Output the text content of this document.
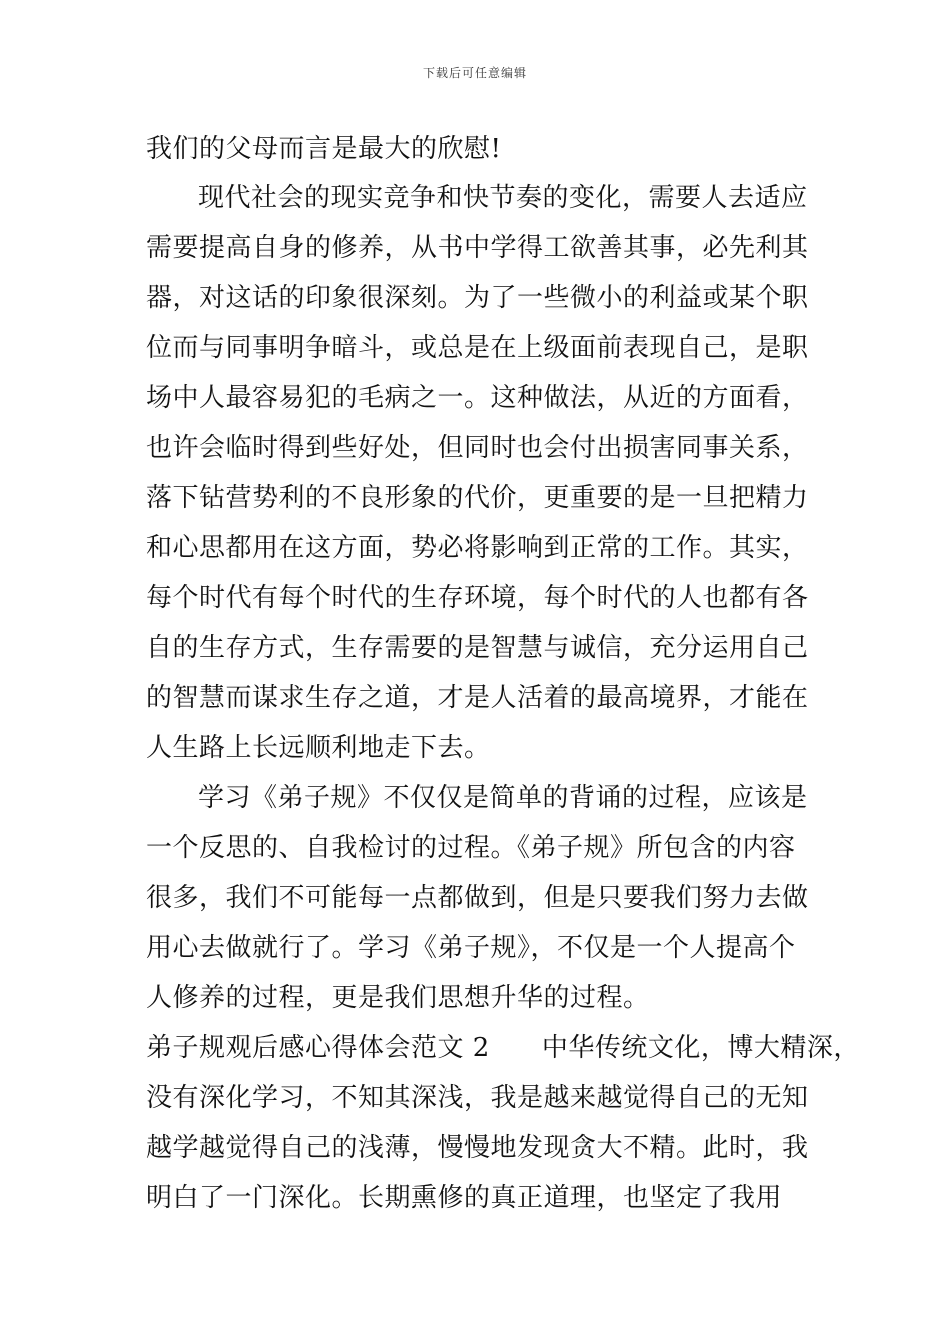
下载后可任意编辑
我们的父母而言是最大的欣慰!
现代社会的现实竞争和快节奏的变化，需要人去适应
需要提高自身的修养，从书中学得工欲善其事，必先利其
器，对这话的印象很深刻。为了一些微小的利益或某个职
位而与同事明争暗斗，或总是在上级面前表现自己，是职
场中人最容易犯的毛病之一。这种做法，从近的方面看，
也许会临时得到些好处，但同时也会付出损害同事关系，
落下钻营势利的不良形象的代价，更重要的是一旦把精力
和心思都用在这方面，势必将影响到正常的工作。其实，
每个时代有每个时代的生存环境，每个时代的人也都有各
自的生存方式，生存需要的是智慧与诚信，充分运用自己
的智慧而谋求生存之道，才是人活着的最高境界，才能在
人生路上长远顺利地走下去。
学习《弟子规》不仅仅是简单的背诵的过程，应该是
一个反思的、自我检讨的过程。《弟子规》所包含的内容
很多，我们不可能每一点都做到，但是只要我们努力去做
用心去做就行了。学习《弟子规》，不仅是一个人提高个
人修养的过程，更是我们思想升华的过程。
弟子规观后感心得体会范文 2 中华传统文化，博大精深，
没有深化学习，不知其深浅，我是越来越觉得自己的无知
越学越觉得自己的浅薄，慢慢地发现贪大不精。此时，我
明白了一门深化。长期熏修的真正道理，也坚定了我用
